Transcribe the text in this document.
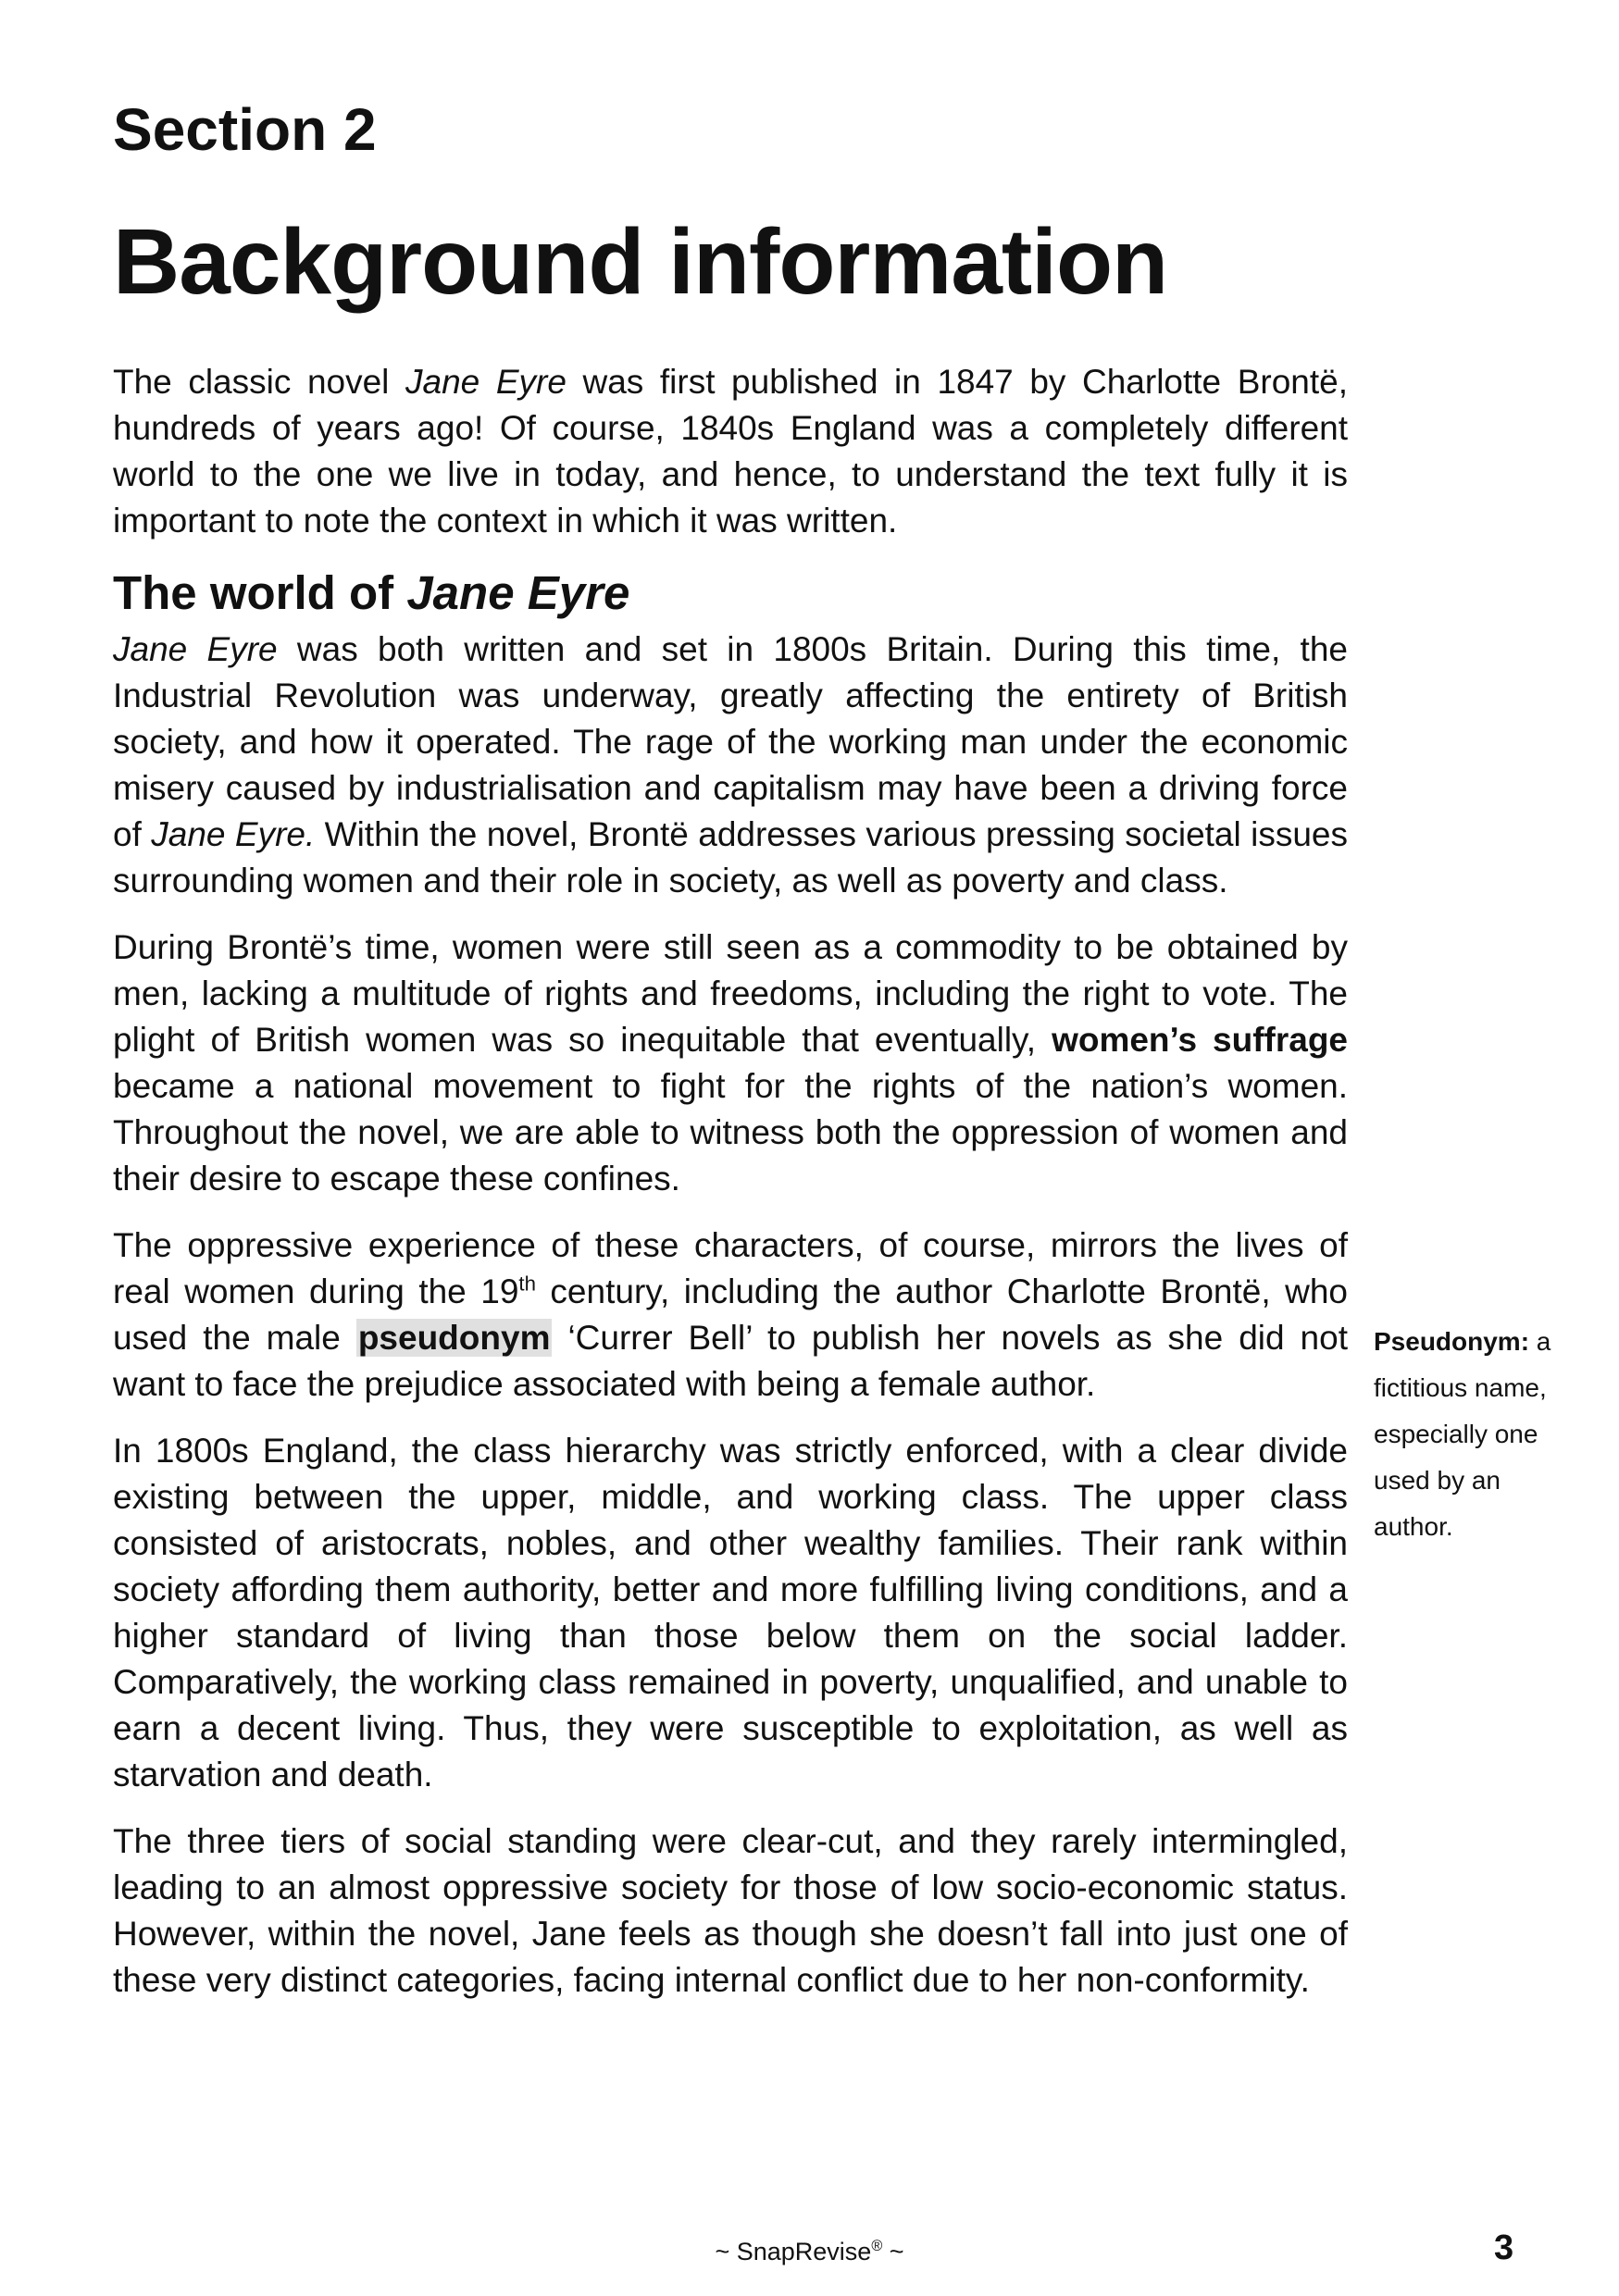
Section 2
Background information

The classic novel Jane Eyre was first published in 1847 by Charlotte Brontë, hundreds of years ago! Of course, 1840s England was a completely different world to the one we live in today, and hence, to understand the text fully it is important to note the context in which it was written.

The world of Jane Eyre

Jane Eyre was both written and set in 1800s Britain. During this time, the Industrial Revolution was underway, greatly affecting the entirety of British society, and how it operated. The rage of the working man under the economic misery caused by industrialisation and capitalism may have been a driving force of Jane Eyre. Within the novel, Brontë addresses various pressing societal issues surrounding women and their role in society, as well as poverty and class.

During Brontë’s time, women were still seen as a commodity to be obtained by men, lacking a multitude of rights and freedoms, including the right to vote. The plight of British women was so inequitable that eventually, women’s suffrage became a national movement to fight for the rights of the nation’s women. Throughout the novel, we are able to witness both the oppression of women and their desire to escape these confines.

The oppressive experience of these characters, of course, mirrors the lives of real women during the 19th century, including the author Charlotte Brontë, who used the male pseudonym ‘Currer Bell’ to publish her novels as she did not want to face the prejudice associated with being a female author.

In 1800s England, the class hierarchy was strictly enforced, with a clear divide existing between the upper, middle, and working class. The upper class consisted of aristocrats, nobles, and other wealthy families. Their rank within society affording them authority, better and more fulfilling living conditions, and a higher standard of living than those below them on the social ladder. Comparatively, the working class remained in poverty, unqualified, and unable to earn a decent living. Thus, they were susceptible to exploitation, as well as starvation and death.

The three tiers of social standing were clear-cut, and they rarely intermingled, leading to an almost oppressive society for those of low socio-economic status. However, within the novel, Jane feels as though she doesn’t fall into just one of these very distinct categories, facing internal conflict due to her non-conformity.

Pseudonym: a fictitious name, especially one used by an author.
~ SnapRevise® ~	3
